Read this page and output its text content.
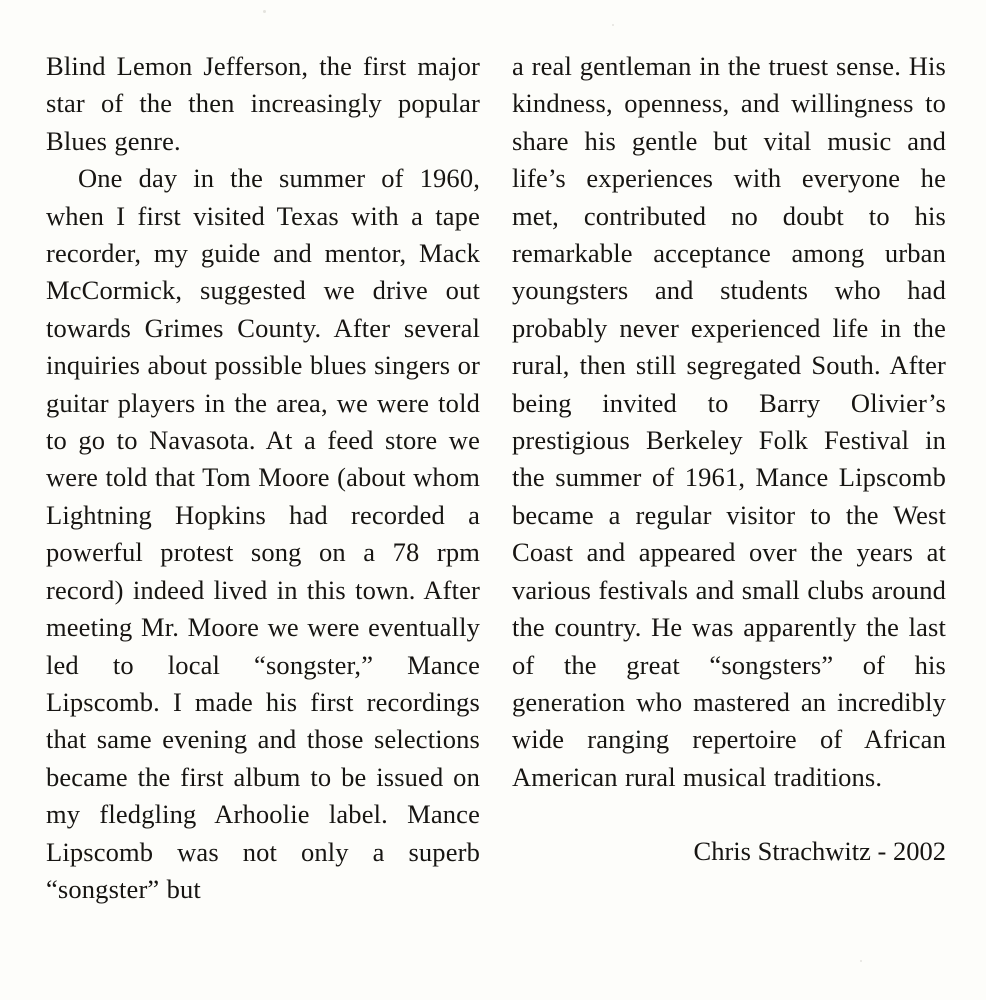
Blind Lemon Jefferson, the first major star of the then increasingly popular Blues genre.

One day in the summer of 1960, when I first visited Texas with a tape recorder, my guide and mentor, Mack McCormick, suggested we drive out towards Grimes County. After several inquiries about possible blues singers or guitar players in the area, we were told to go to Navasota. At a feed store we were told that Tom Moore (about whom Lightning Hopkins had recorded a powerful protest song on a 78 rpm record) indeed lived in this town. After meeting Mr. Moore we were eventually led to local “songster,” Mance Lipscomb. I made his first recordings that same evening and those selections became the first album to be issued on my fledgling Arhoolie label. Mance Lipscomb was not only a superb “songster” but

a real gentleman in the truest sense. His kindness, openness, and willingness to share his gentle but vital music and life’s experiences with everyone he met, contributed no doubt to his remarkable acceptance among urban youngsters and students who had probably never experienced life in the rural, then still segregated South. After being invited to Barry Olivier’s prestigious Berkeley Folk Festival in the summer of 1961, Mance Lipscomb became a regular visitor to the West Coast and appeared over the years at various festivals and small clubs around the country. He was apparently the last of the great “songsters” of his generation who mastered an incredibly wide ranging repertoire of African American rural musical traditions.

Chris Strachwitz - 2002
